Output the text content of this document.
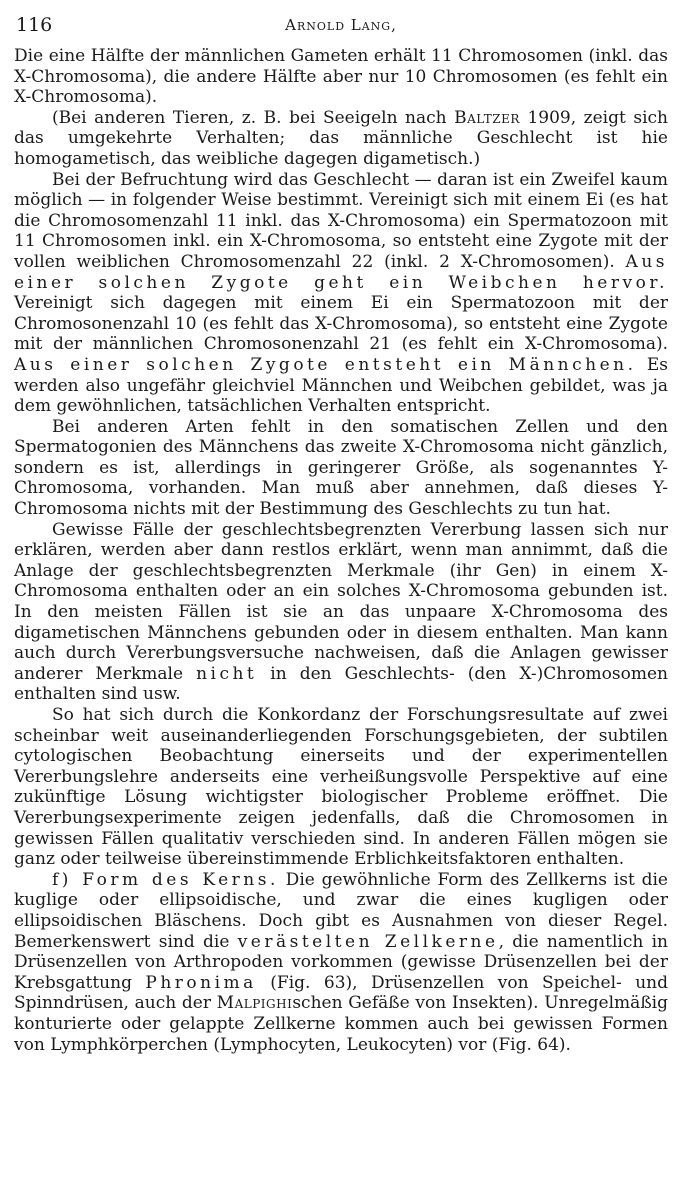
116	Arnold Lang,

Die eine Hälfte der männlichen Gameten erhält 11 Chromosomen (inkl. das X-Chromosoma), die andere Hälfte aber nur 10 Chromosomen (es fehlt ein X-Chromosoma).

(Bei anderen Tieren, z. B. bei Seeigeln nach Baltzer 1909, zeigt sich das umgekehrte Verhalten; das männliche Geschlecht ist hie homogametisch, das weibliche dagegen digametisch.)

Bei der Befruchtung wird das Geschlecht — daran ist ein Zweifel kaum möglich — in folgender Weise bestimmt. Vereinigt sich mit einem Ei (es hat die Chromosomenzahl 11 inkl. das X-Chromosoma) ein Spermatozoon mit 11 Chromosomen inkl. ein X-Chromosoma, so entsteht eine Zygote mit der vollen weiblichen Chromosomenzahl 22 (inkl. 2 X-Chromosomen). Aus einer solchen Zygote geht ein Weibchen hervor. Vereinigt sich dagegen mit einem Ei ein Spermatozoon mit der Chromosonenzahl 10 (es fehlt das X-Chromosoma), so entsteht eine Zygote mit der männlichen Chromosonenzahl 21 (es fehlt ein X-Chromosoma). Aus einer solchen Zygote entsteht ein Männchen. Es werden also ungefähr gleichviel Männchen und Weibchen gebildet, was ja dem gewöhnlichen, tatsächlichen Verhalten entspricht.

Bei anderen Arten fehlt in den somatischen Zellen und den Spermatogonien des Männchens das zweite X-Chromosoma nicht gänzlich, sondern es ist, allerdings in geringerer Größe, als sogenanntes Y-Chromosoma, vorhanden. Man muß aber annehmen, daß dieses Y-Chromosoma nichts mit der Bestimmung des Geschlechts zu tun hat.

Gewisse Fälle der geschlechtsbegrenzten Vererbung lassen sich nur erklären, werden aber dann restlos erklärt, wenn man annimmt, daß die Anlage der geschlechtsbegrenzten Merkmale (ihr Gen) in einem X-Chromosoma enthalten oder an ein solches X-Chromosoma gebunden ist. In den meisten Fällen ist sie an das unpaare X-Chromosoma des digametischen Männchens gebunden oder in diesem enthalten. Man kann auch durch Vererbungsversuche nachweisen, daß die Anlagen gewisser anderer Merkmale nicht in den Geschlechts- (den X-)Chromosomen enthalten sind usw.

So hat sich durch die Konkordanz der Forschungsresultate auf zwei scheinbar weit auseinanderliegenden Forschungsgebieten, der subtilen cytologischen Beobachtung einerseits und der experimentellen Vererbungslehre anderseits eine verheißungsvolle Perspektive auf eine zukünftige Lösung wichtigster biologischer Probleme eröffnet. Die Vererbungsexperimente zeigen jedenfalls, daß die Chromosomen in gewissen Fällen qualitativ verschieden sind. In anderen Fällen mögen sie ganz oder teilweise übereinstimmende Erblichkeitsfaktoren enthalten.

f) Form des Kerns. Die gewöhnliche Form des Zellkerns ist die kuglige oder ellipsoidische, und zwar die eines kugligen oder ellipsoidischen Bläschens. Doch gibt es Ausnahmen von dieser Regel. Bemerkenswert sind die verästelten Zellkerne, die namentlich in Drüsenzellen von Arthropoden vorkommen (gewisse Drüsenzellen bei der Krebsgattung Phronima (Fig. 63), Drüsenzellen von Speichel- und Spinndrüsen, auch der Malpighischen Gefäße von Insekten). Unregelmäßig konturierte oder gelappte Zellkerne kommen auch bei gewissen Formen von Lymphkörperchen (Lymphocyten, Leukocyten) vor (Fig. 64).
